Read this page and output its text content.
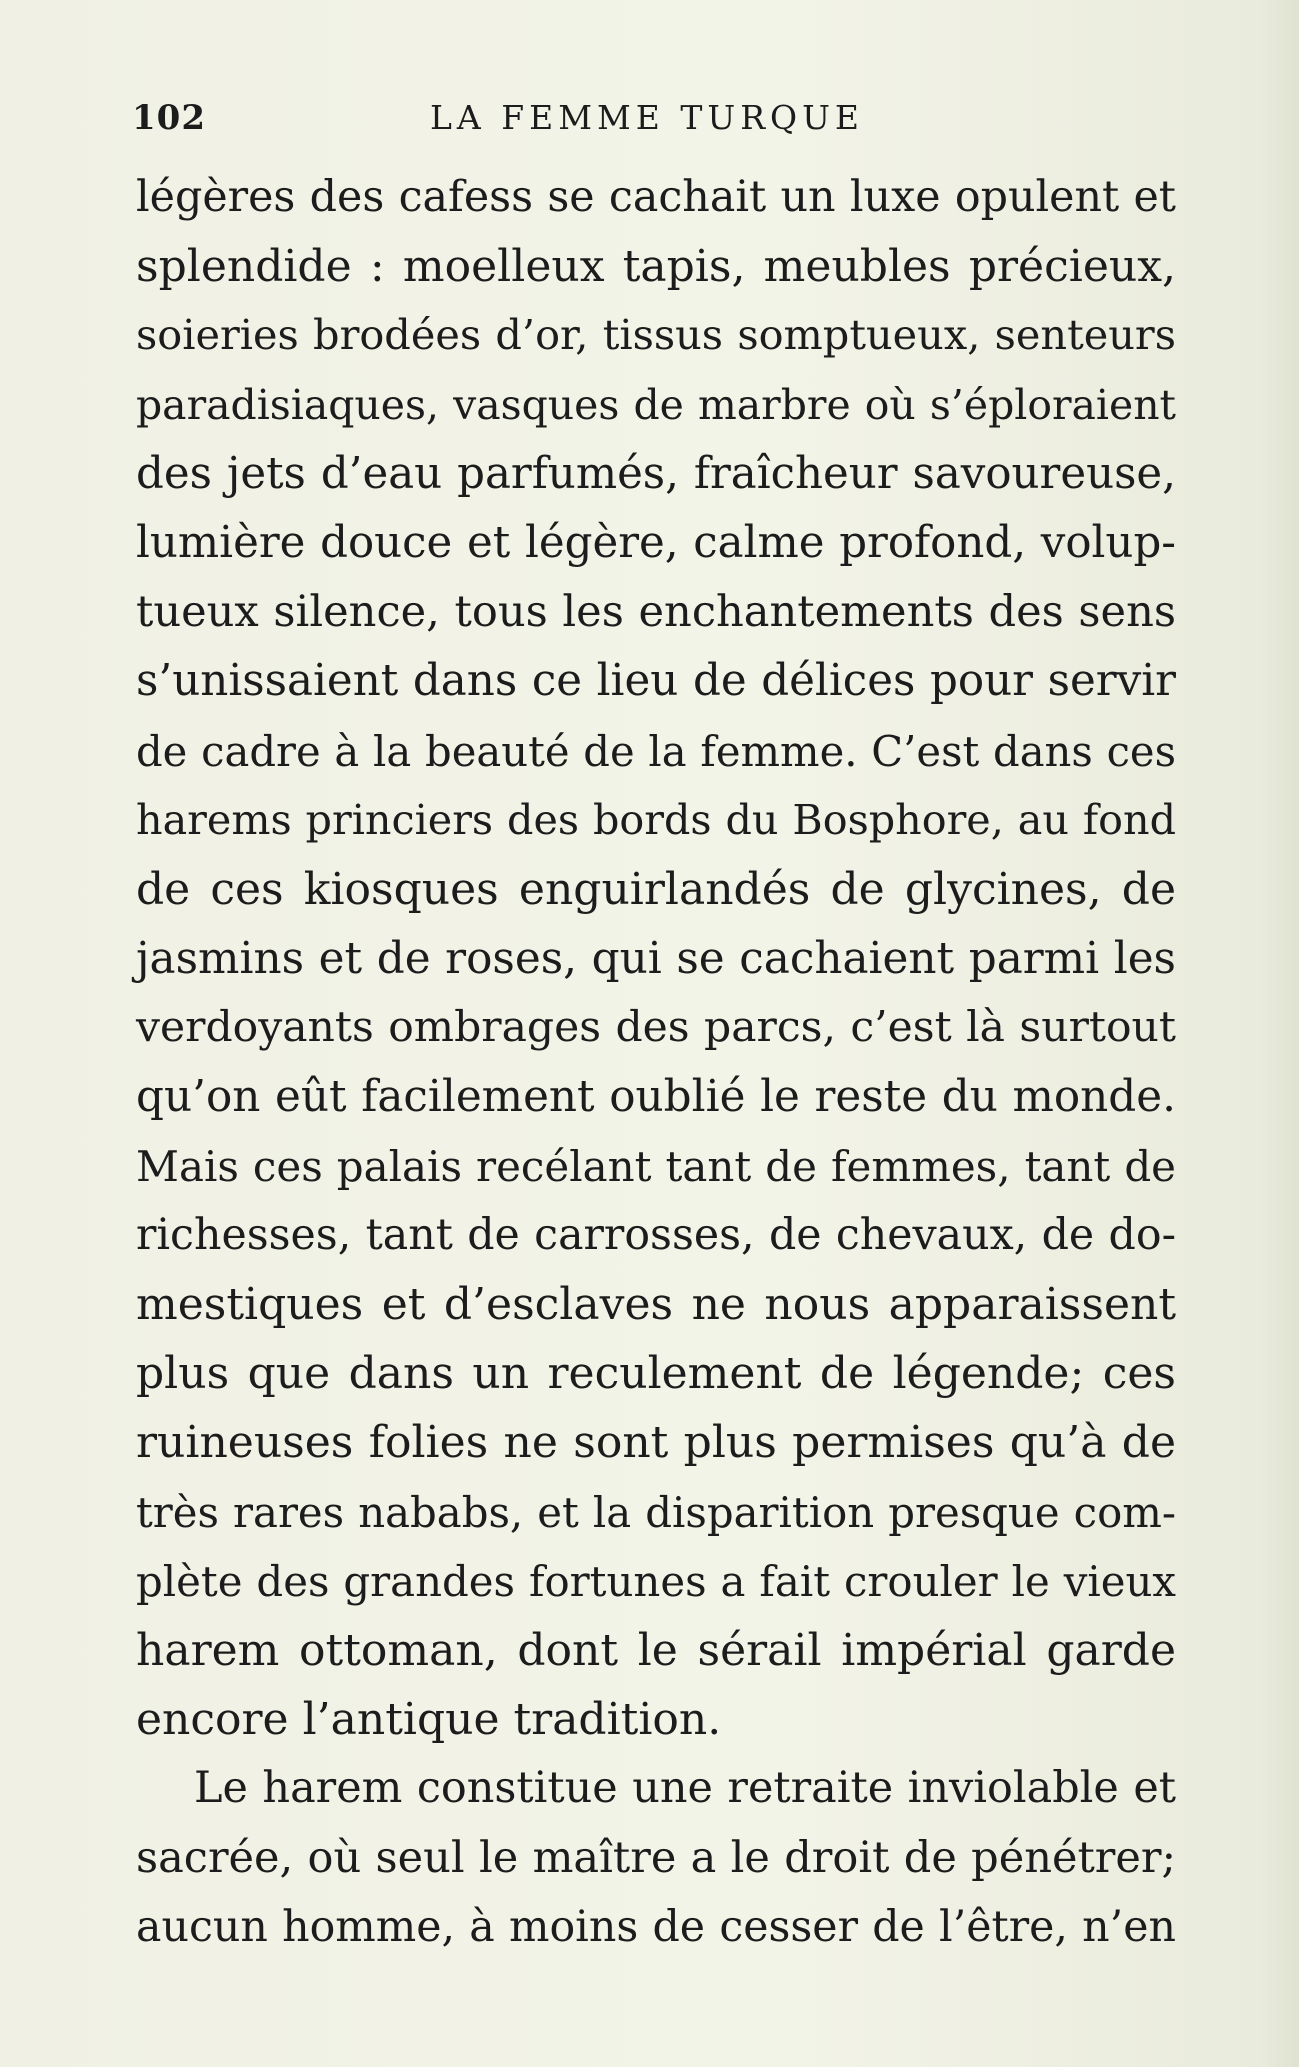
102	LA FEMME TURQUE
légères des cafess se cachait un luxe opulent et
splendide : moelleux tapis, meubles précieux,
soieries brodées d’or, tissus somptueux, senteurs
paradisiaques, vasques de marbre où s’éploraient
des jets d’eau parfumés, fraîcheur savoureuse,
lumière douce et légère, calme profond, volup-
tueux silence, tous les enchantements des sens
s’unissaient dans ce lieu de délices pour servir
de cadre à la beauté de la femme. C’est dans ces
harems princiers des bords du Bosphore, au fond
de ces kiosques enguirlandés de glycines, de
jasmins et de roses, qui se cachaient parmi les
verdoyants ombrages des parcs, c’est là surtout
qu’on eût facilement oublié le reste du monde.
Mais ces palais recélant tant de femmes, tant de
richesses, tant de carrosses, de chevaux, de do-
mestiques et d’esclaves ne nous apparaissent
plus que dans un reculement de légende; ces
ruineuses folies ne sont plus permises qu’à de
très rares nababs, et la disparition presque com-
plète des grandes fortunes a fait crouler le vieux
harem ottoman, dont le sérail impérial garde
encore l’antique tradition.
Le harem constitue une retraite inviolable et
sacrée, où seul le maître a le droit de pénétrer;
aucun homme, à moins de cesser de l’être, n’en
